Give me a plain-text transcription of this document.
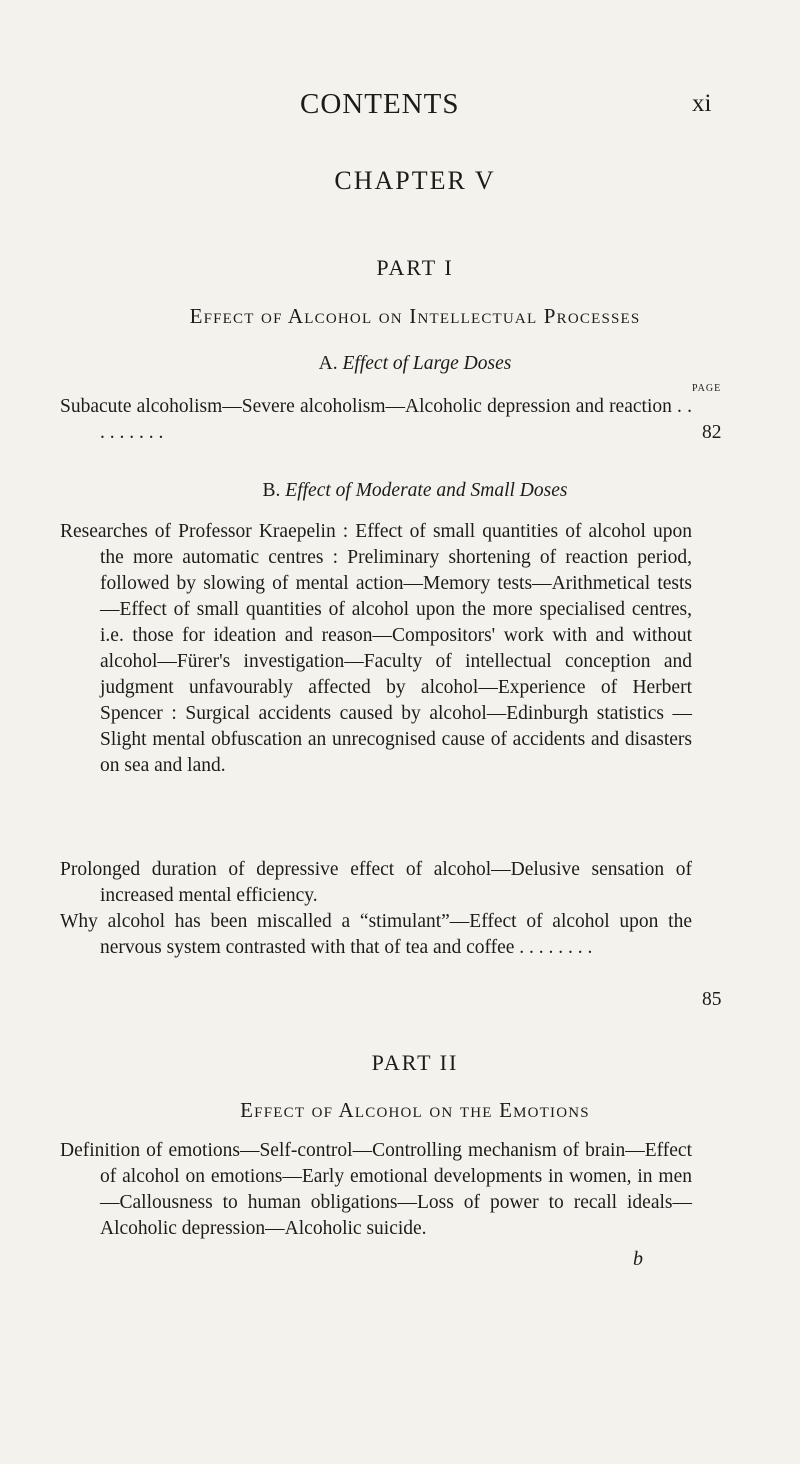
CONTENTS	xi
CHAPTER V
PART I
Effect of Alcohol on Intellectual Processes
A. Effect of Large Doses
PAGE
Subacute alcoholism—Severe alcoholism—Alcoholic depression and reaction . . . . . . . . .	82
B. Effect of Moderate and Small Doses
Researches of Professor Kraepelin : Effect of small quantities of alcohol upon the more automatic centres : Preliminary shortening of reaction period, followed by slowing of mental action—Memory tests—Arithmetical tests—Effect of small quantities of alcohol upon the more specialised centres, i.e. those for ideation and reason—Compositors' work with and without alcohol—Fürer's investigation—Faculty of intellectual conception and judgment unfavourably affected by alcohol—Experience of Herbert Spencer : Surgical accidents caused by alcohol—Edinburgh statistics —Slight mental obfuscation an unrecognised cause of accidents and disasters on sea and land.
Prolonged duration of depressive effect of alcohol—Delusive sensation of increased mental efficiency.
Why alcohol has been miscalled a “stimulant”—Effect of alcohol upon the nervous system contrasted with that of tea and coffee . . . . . . . .
85
PART II
Effect of Alcohol on the Emotions
Definition of emotions—Self-control—Controlling mechanism of brain—Effect of alcohol on emotions—Early emotional developments in women, in men—Callousness to human obligations—Loss of power to recall ideals—Alcoholic depression—Alcoholic suicide.
b
